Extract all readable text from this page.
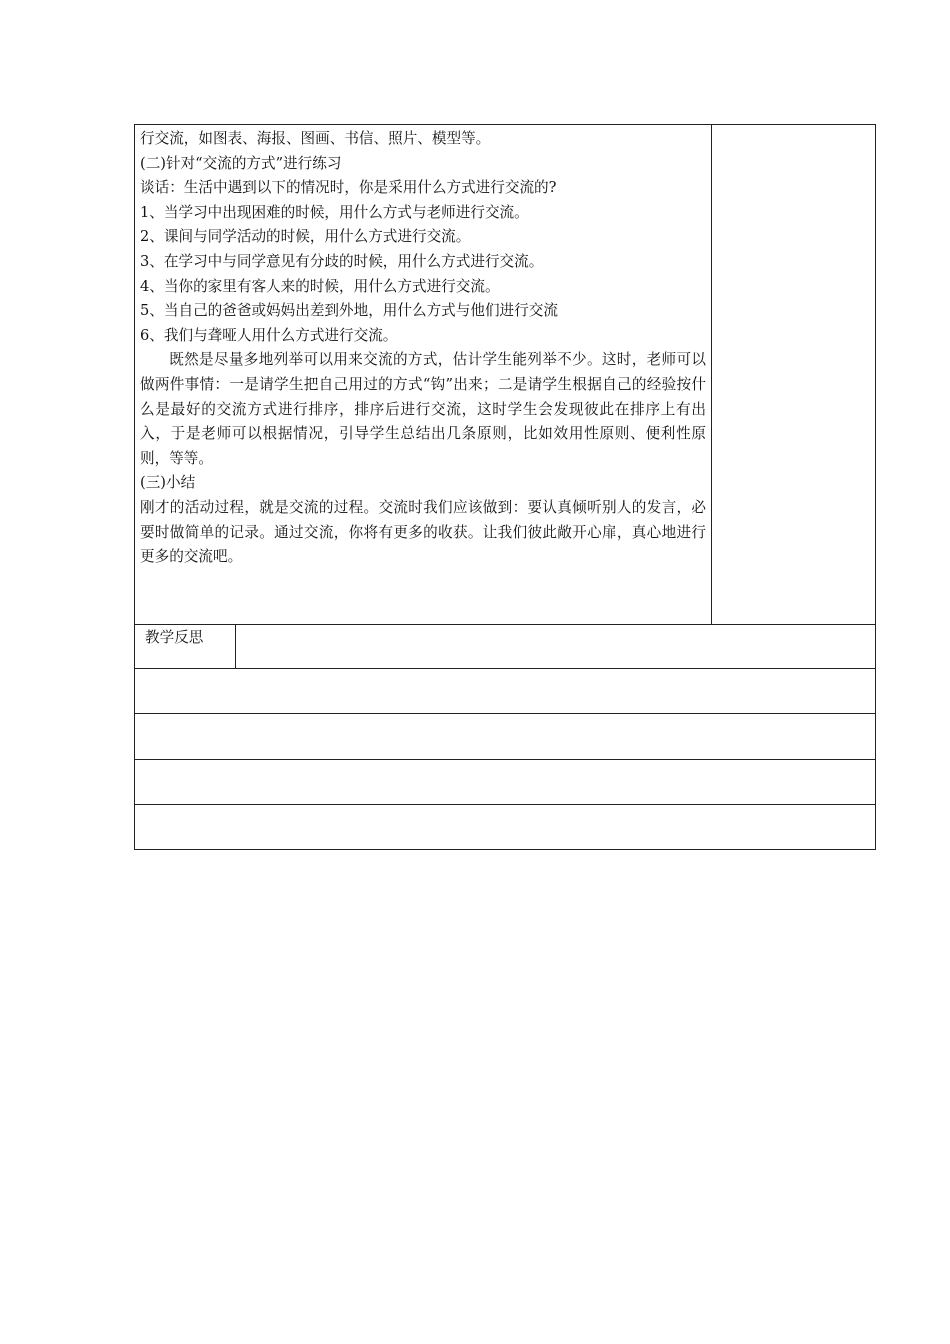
行交流，如图表、海报、图画、书信、照片、模型等。
(二)针对“交流的方式”进行练习
谈话：生活中遇到以下的情况时，你是采用什么方式进行交流的?
1、当学习中出现困难的时候，用什么方式与老师进行交流。
2、课间与同学活动的时候，用什么方式进行交流。
3、在学习中与同学意见有分歧的时候，用什么方式进行交流。
4、当你的家里有客人来的时候，用什么方式进行交流。
5、当自己的爸爸或妈妈出差到外地，用什么方式与他们进行交流
6、我们与聋哑人用什么方式进行交流。
既然是尽量多地列举可以用来交流的方式，估计学生能列举不少。这时，老师可以做两件事情：一是请学生把自己用过的方式“钩”出来；二是请学生根据自己的经验按什么是最好的交流方式进行排序，排序后进行交流，这时学生会发现彼此在排序上有出入，于是老师可以根据情况，引导学生总结出几条原则，比如效用性原则、便利性原则，等等。
(三)小结
刚才的活动过程，就是交流的过程。交流时我们应该做到：要认真倾听别人的发言，必要时做简单的记录。通过交流，你将有更多的收获。让我们彼此敞开心扉，真心地进行更多的交流吧。
教学反思
